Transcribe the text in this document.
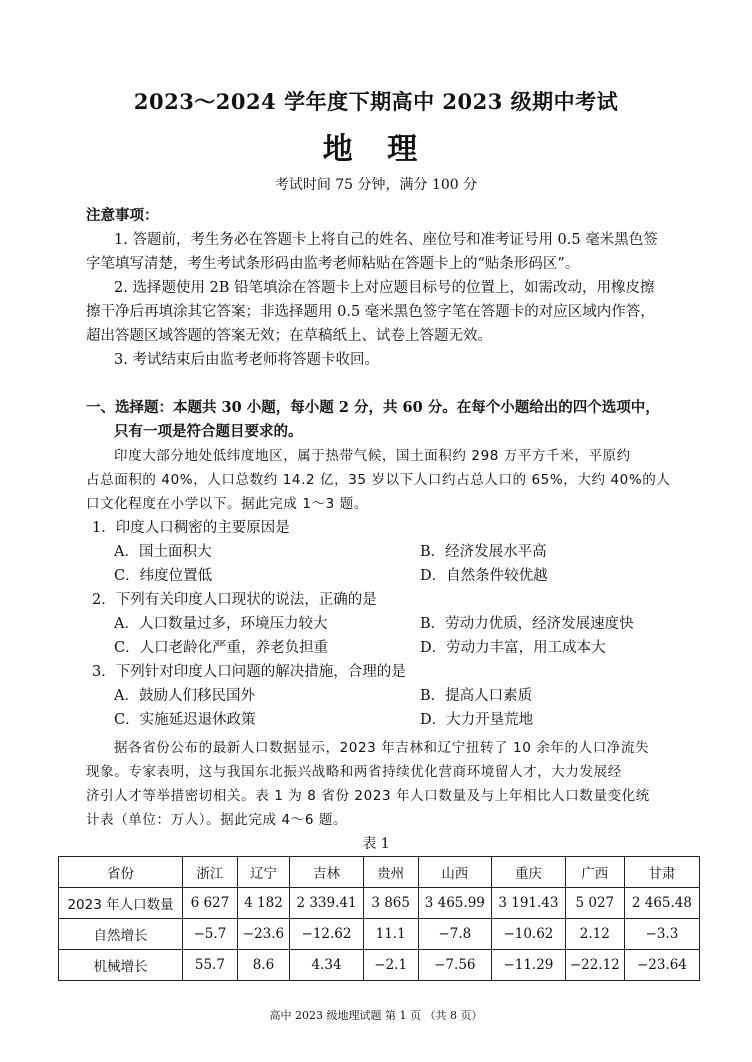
2023～2024 学年度下期高中 2023 级期中考试
地 理
考试时间 75 分钟，满分 100 分
注意事项：
1. 答题前，考生务必在答题卡上将自己的姓名、座位号和准考证号用 0.5 毫米黑色签
字笔填写清楚，考生考试条形码由监考老师粘贴在答题卡上的“贴条形码区”。
2. 选择题使用 2B 铅笔填涂在答题卡上对应题目标号的位置上，如需改动，用橡皮擦
擦干净后再填涂其它答案；非选择题用 0.5 毫米黑色签字笔在答题卡的对应区域内作答，
超出答题区域答题的答案无效；在草稿纸上、试卷上答题无效。
3. 考试结束后由监考老师将答题卡收回。
一、选择题：本题共 30 小题，每小题 2 分，共 60 分。在每个小题给出的四个选项中，
只有一项是符合题目要求的。
印度大部分地处低纬度地区，属于热带气候，国土面积约 298 万平方千米，平原约
占总面积的 40%，人口总数约 14.2 亿，35 岁以下人口约占总人口的 65%，大约 40%的人
口文化程度在小学以下。据此完成 1～3 题。
1．印度人口稠密的主要原因是
A．国土面积大	B．经济发展水平高
C．纬度位置低	D．自然条件较优越
2．下列有关印度人口现状的说法，正确的是
A．人口数量过多，环境压力较大	B．劳动力优质，经济发展速度快
C．人口老龄化严重，养老负担重	D．劳动力丰富，用工成本大
3．下列针对印度人口问题的解决措施，合理的是
A．鼓励人们移民国外	B．提高人口素质
C．实施延迟退休政策	D．大力开垦荒地
据各省份公布的最新人口数据显示，2023 年吉林和辽宁扭转了 10 余年的人口净流失
现象。专家表明，这与我国东北振兴战略和两省持续优化营商环境留人才，大力发展经
济引人才等举措密切相关。表 1 为 8 省份 2023 年人口数量及与上年相比人口数量变化统
计表（单位：万人）。据此完成 4～6 题。
表 1
省份	浙江	辽宁	吉林	贵州	山西	重庆	广西	甘肃
2023 年人口数量	6 627	4 182	2 339.41	3 865	3 465.99	3 191.43	5 027	2 465.48
自然增长	−5.7	−23.6	−12.62	11.1	−7.8	−10.62	2.12	−3.3
机械增长	55.7	8.6	4.34	−2.1	−7.56	−11.29	−22.12	−23.64
高中 2023 级地理试题 第 1 页 （共 8 页）
